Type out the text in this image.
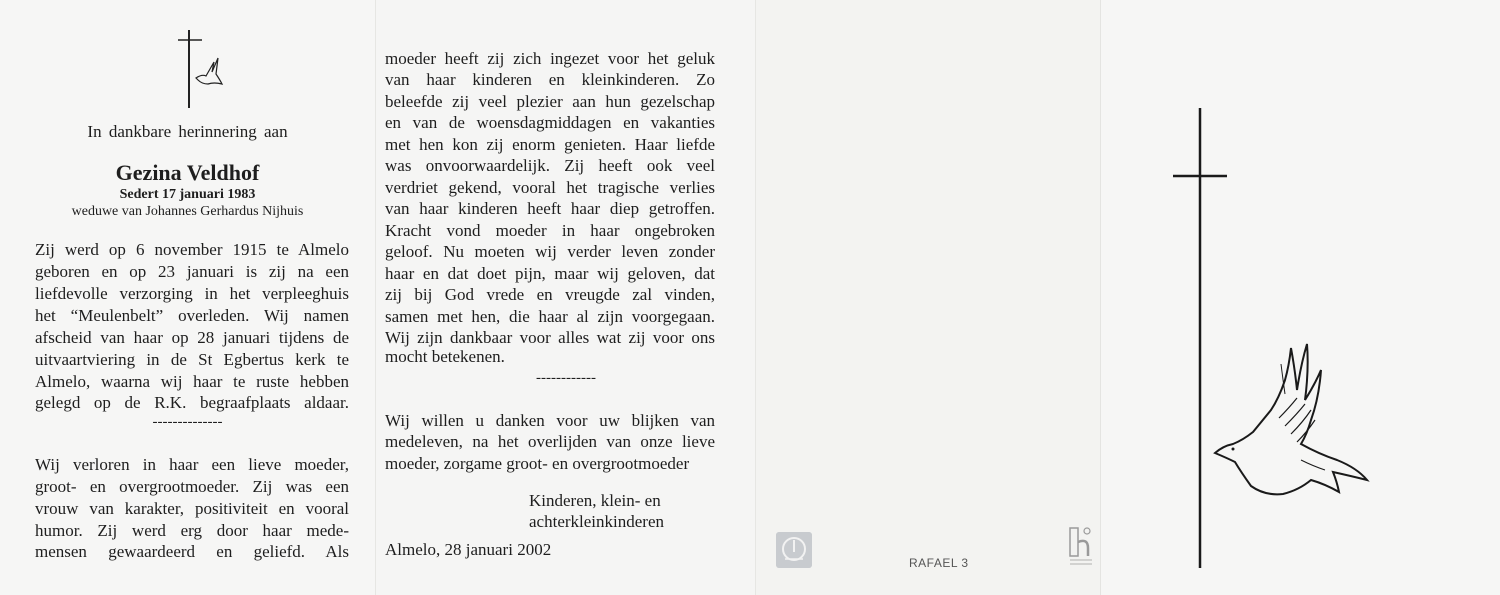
In dankbare herinnering aan
Gezina Veldhof
Sedert 17 januari 1983
weduwe van Johannes Gerhardus Nijhuis
Zij werd op 6 november 1915 te Almelo
geboren en op 23 januari is zij na een
liefdevolle verzorging in het verpleeghuis
het “Meulenbelt” overleden. Wij namen
afscheid van haar op 28 januari tijdens de
uitvaartviering in de St Egbertus kerk te
Almelo, waarna wij haar te ruste hebben
gelegd op de R.K. begraafplaats aldaar.
--------------
Wij verloren in haar een lieve moeder,
groot- en overgrootmoeder. Zij was een
vrouw van karakter, positiviteit en vooral
humor. Zij werd erg door haar mede-
mensen gewaardeerd en geliefd. Als
moeder heeft zij zich ingezet voor het geluk
van haar kinderen en kleinkinderen. Zo
beleefde zij veel plezier aan hun gezelschap
en van de woensdagmiddagen en vakanties
met hen kon zij enorm genieten. Haar liefde
was onvoorwaardelijk. Zij heeft ook veel
verdriet gekend, vooral het tragische verlies
van haar kinderen heeft haar diep getroffen.
Kracht vond moeder in haar ongebroken
geloof. Nu moeten wij verder leven zonder
haar en dat doet pijn, maar wij geloven, dat
zij bij God vrede en vreugde zal vinden,
samen met hen, die haar al zijn voorgegaan.
Wij zijn dankbaar voor alles wat zij voor ons
mocht betekenen.
------------
Wij willen u danken voor uw blijken van
medeleven, na het overlijden van onze lieve
moeder, zorgame groot- en overgrootmoeder
Kinderen, klein- en
achterkleinkinderen
Almelo, 28 januari 2002
RAFAEL 3
